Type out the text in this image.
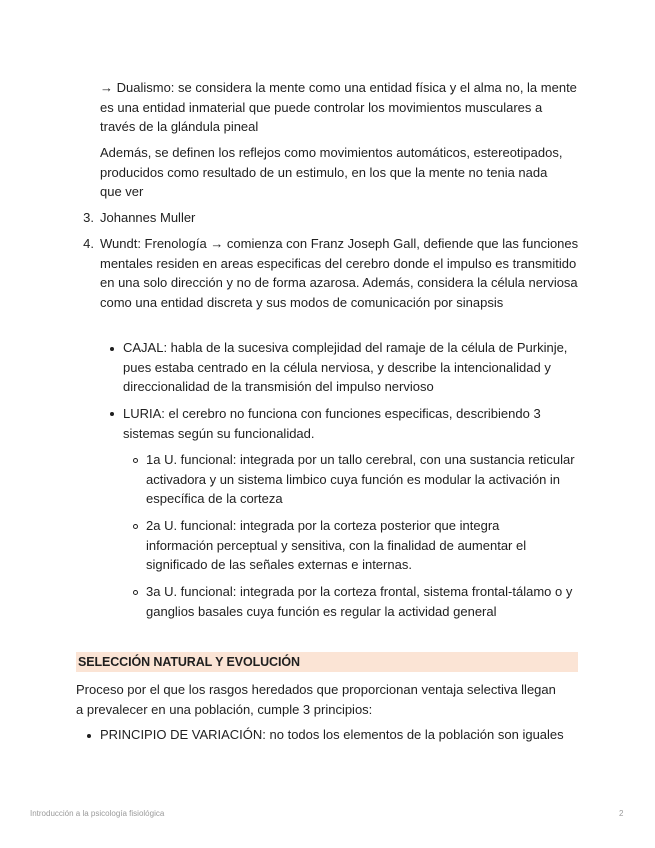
→ Dualismo: se considera la mente como una entidad física y el alma no, la mente es una entidad inmaterial que puede controlar los movimientos musculares a través de la glándula pineal

Además, se definen los reflejos como movimientos automáticos, estereotipados, producidos como resultado de un estimulo, en los que la mente no tenia nada que ver

3. Johannes Muller

4. Wundt: Frenología → comienza con Franz Joseph Gall, defiende que las funciones mentales residen en areas especificas del cerebro donde el impulso es transmitido en una solo dirección y no de forma azarosa. Además, considera la célula nerviosa como una entidad discreta y sus modos de comunicación por sinapsis

CAJAL: habla de la sucesiva complejidad del ramaje de la célula de Purkinje, pues estaba centrado en la célula nerviosa, y describe la intencionalidad y direccionalidad de la transmisión del impulso nervioso

LURIA: el cerebro no funciona con funciones especificas, describiendo 3 sistemas según su funcionalidad.

1a U. funcional: integrada por un tallo cerebral, con una sustancia reticular activadora y un sistema limbico cuya función es modular la activación in específica de la corteza

2a U. funcional: integrada por la corteza posterior que integra información perceptual y sensitiva, con la finalidad de aumentar el significado de las señales externas e internas.

3a U. funcional: integrada por la corteza frontal, sistema frontal-tálamo o y ganglios basales cuya función es regular la actividad general

SELECCIÓN NATURAL Y EVOLUCIÓN

Proceso por el que los rasgos heredados que proporcionan ventaja selectiva llegan a prevalecer en una población, cumple 3 principios:

PRINCIPIO DE VARIACIÓN: no todos los elementos de la población son iguales

Introducción a la psicología fisiológica	2
